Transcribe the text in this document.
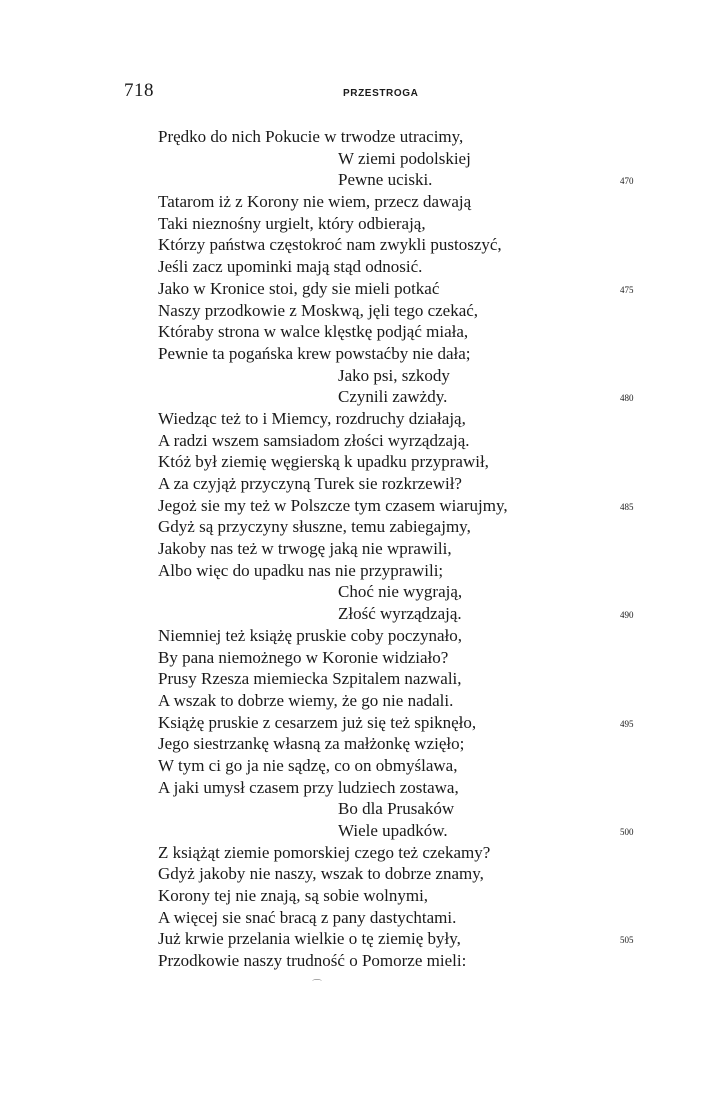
718	PRZESTROGA
Prędko do nich Pokucie w trwodze utracimy,
W ziemi podolskiej
Pewne uciski.	470
Tatarom iż z Korony nie wiem, przecz dawają
Taki nieznośny urgielt, który odbierają,
Którzy państwa częstokroć nam zwykli pustoszyć,
Jeśli zacz upominki mają stąd odnosić.
Jako w Kronice stoi, gdy sie mieli potkać	475
Naszy przodkowie z Moskwą, jęli tego czekać,
Któraby strona w walce klęstkę podjąć miała,
Pewnie ta pogańska krew powstaćby nie dała;
Jako psi, szkody
Czynili zawżdy.	480
Wiedząc też to i Miemcy, rozdruchy działają,
A radzi wszem samsiadom złości wyrządzają.
Któż był ziemię węgierską k upadku przyprawił,
A za czyjąż przyczyną Turek sie rozkrzewił?
Jegoż sie my też w Polszcze tym czasem wiarujmy,	485
Gdyż są przyczyny słuszne, temu zabiegajmy,
Jakoby nas też w trwogę jaką nie wprawili,
Albo więc do upadku nas nie przyprawili;
Choć nie wygrają,
Złość wyrządzają.	490
Niemniej też książę pruskie coby poczynało,
By pana niemożnego w Koronie widziało?
Prusy Rzesza miemiecka Szpitalem nazwali,
A wszak to dobrze wiemy, że go nie nadali.
Książę pruskie z cesarzem już się też spiknęło,	495
Jego siestrzankę własną za małżonkę wzięło;
W tym ci go ja nie sądzę, co on obmyślawa,
A jaki umysł czasem przy ludziech zostawa,
Bo dla Prusaków
Wiele upadków.	500
Z książąt ziemie pomorskiej czego też czekamy?
Gdyż jakoby nie naszy, wszak to dobrze znamy,
Korony tej nie znają, są sobie wolnymi,
A więcej sie snać bracą z pany dastychtami.
Już krwie przelania wielkie o tę ziemię były,	505
Przodkowie naszy trudność o Pomorze mieli:
⌒
